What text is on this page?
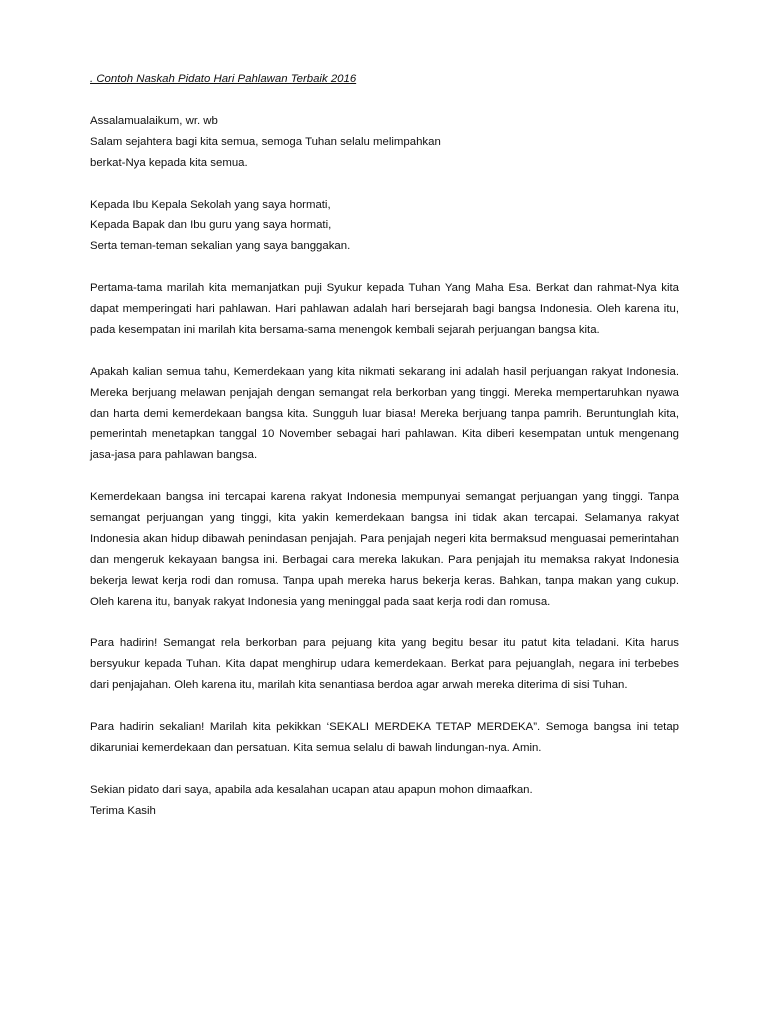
. Contoh Naskah Pidato Hari Pahlawan Terbaik 2016
Assalamualaikum, wr. wb
Salam sejahtera bagi kita semua, semoga Tuhan selalu melimpahkan
berkat-Nya kepada kita semua.
Kepada Ibu Kepala Sekolah yang saya hormati,
Kepada Bapak dan Ibu guru yang saya hormati,
Serta teman-teman sekalian yang saya banggakan.

Pertama-tama marilah kita memanjatkan puji Syukur kepada Tuhan Yang Maha Esa. Berkat dan rahmat-Nya kita dapat memperingati hari pahlawan. Hari pahlawan adalah hari bersejarah bagi bangsa Indonesia. Oleh karena itu, pada kesempatan ini marilah kita bersama-sama menengok kembali sejarah perjuangan bangsa kita.

Apakah kalian semua tahu, Kemerdekaan yang kita nikmati sekarang ini adalah hasil perjuangan rakyat Indonesia. Mereka berjuang melawan penjajah dengan semangat rela berkorban yang tinggi. Mereka mempertaruhkan nyawa dan harta demi kemerdekaan bangsa kita. Sungguh luar biasa! Mereka berjuang tanpa pamrih. Beruntunglah kita, pemerintah menetapkan tanggal 10 November sebagai hari pahlawan. Kita diberi kesempatan untuk mengenang jasa-jasa para pahlawan bangsa.

Kemerdekaan bangsa ini tercapai karena rakyat Indonesia mempunyai semangat perjuangan yang tinggi. Tanpa semangat perjuangan yang tinggi, kita yakin kemerdekaan bangsa ini tidak akan tercapai. Selamanya rakyat Indonesia akan hidup dibawah penindasan penjajah. Para penjajah negeri kita bermaksud menguasai pemerintahan dan mengeruk kekayaan bangsa ini. Berbagai cara mereka lakukan. Para penjajah itu memaksa rakyat Indonesia bekerja lewat kerja rodi dan romusa. Tanpa upah mereka harus bekerja keras. Bahkan, tanpa makan yang cukup. Oleh karena itu, banyak rakyat Indonesia yang meninggal pada saat kerja rodi dan romusa.

Para hadirin! Semangat rela berkorban para pejuang kita yang begitu besar itu patut kita teladani. Kita harus bersyukur kepada Tuhan. Kita dapat menghirup udara kemerdekaan. Berkat para pejuanglah, negara ini terbebes dari penjajahan. Oleh karena itu, marilah kita senantiasa berdoa agar arwah mereka diterima di sisi Tuhan.

Para hadirin sekalian! Marilah kita pekikkan ‘SEKALI MERDEKA TETAP MERDEKA”. Semoga bangsa ini tetap dikaruniai kemerdekaan dan persatuan. Kita semua selalu di bawah lindungan-nya. Amin.

Sekian pidato dari saya, apabila ada kesalahan ucapan atau apapun mohon dimaafkan.
Terima Kasih
